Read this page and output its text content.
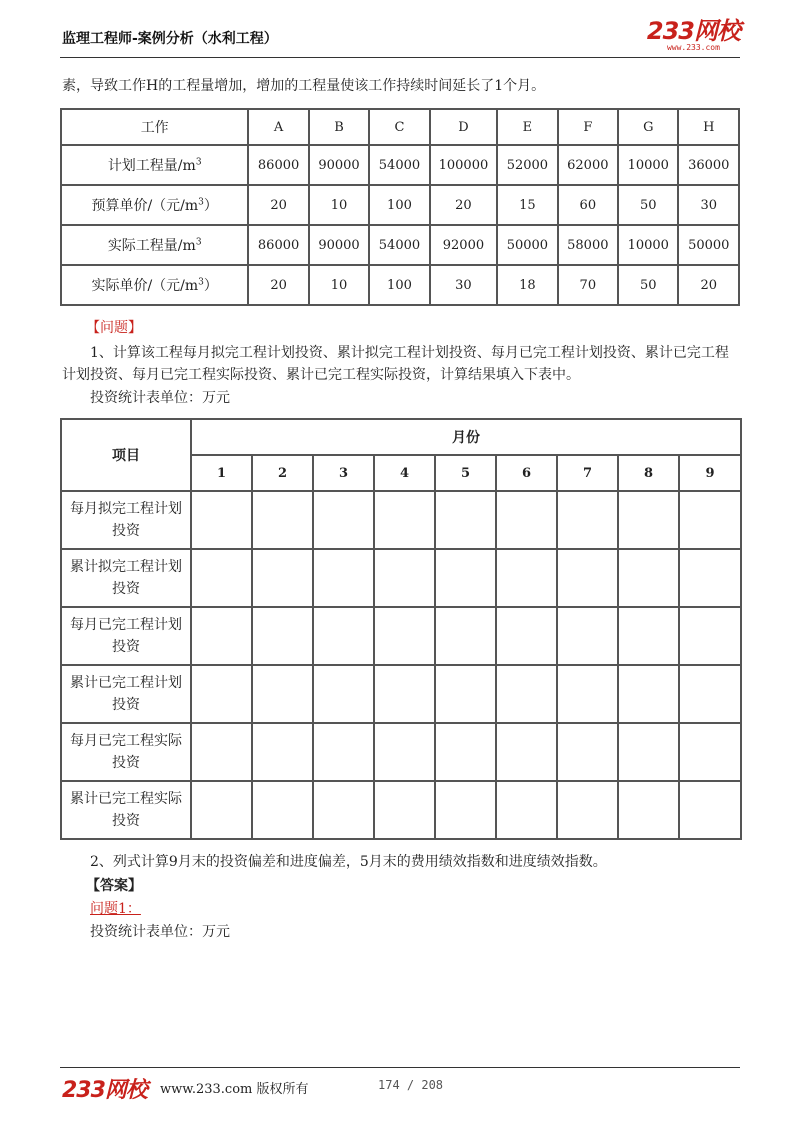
监理工程师-案例分析（水利工程）	233网校
www.233.com
素，导致工作H的工程量增加，增加的工程量使该工作持续时间延长了1个月。
工作	A	B	C	D	E	F	G	H
计划工程量$/m^3$	86000	90000	54000	100000	52000	62000	10000	36000
预算单价/（元$/m^3$）	20	10	100	20	15	60	50	30
实际工程量$/m^3$	86000	90000	54000	92000	50000	58000	10000	50000
实际单价/（元$/m^3$）	20	10	100	30	18	70	50	20
【问题】
1、计算该工程每月拟完工程计划投资、累计拟完工程计划投资、每月已完工程计划投资、累计已完工程计划投资、每月已完工程实际投资、累计已完工程实际投资，计算结果填入下表中。
投资统计表单位：万元
项目	月份								
	1	2	3	4	5	6	7	8	9

每月拟完工程计划
投资									

累计拟完工程计划
投资									

每月已完工程计划
投资									

累计已完工程计划
投资									

每月已完工程实际
投资									

累计已完工程实际
投资									

2、列式计算9月末的投资偏差和进度偏差，5月末的费用绩效指数和进度绩效指数。
【答案】
问题1：
投资统计表单位：万元
233网校 www.233.com 版权所有	174 / 208
